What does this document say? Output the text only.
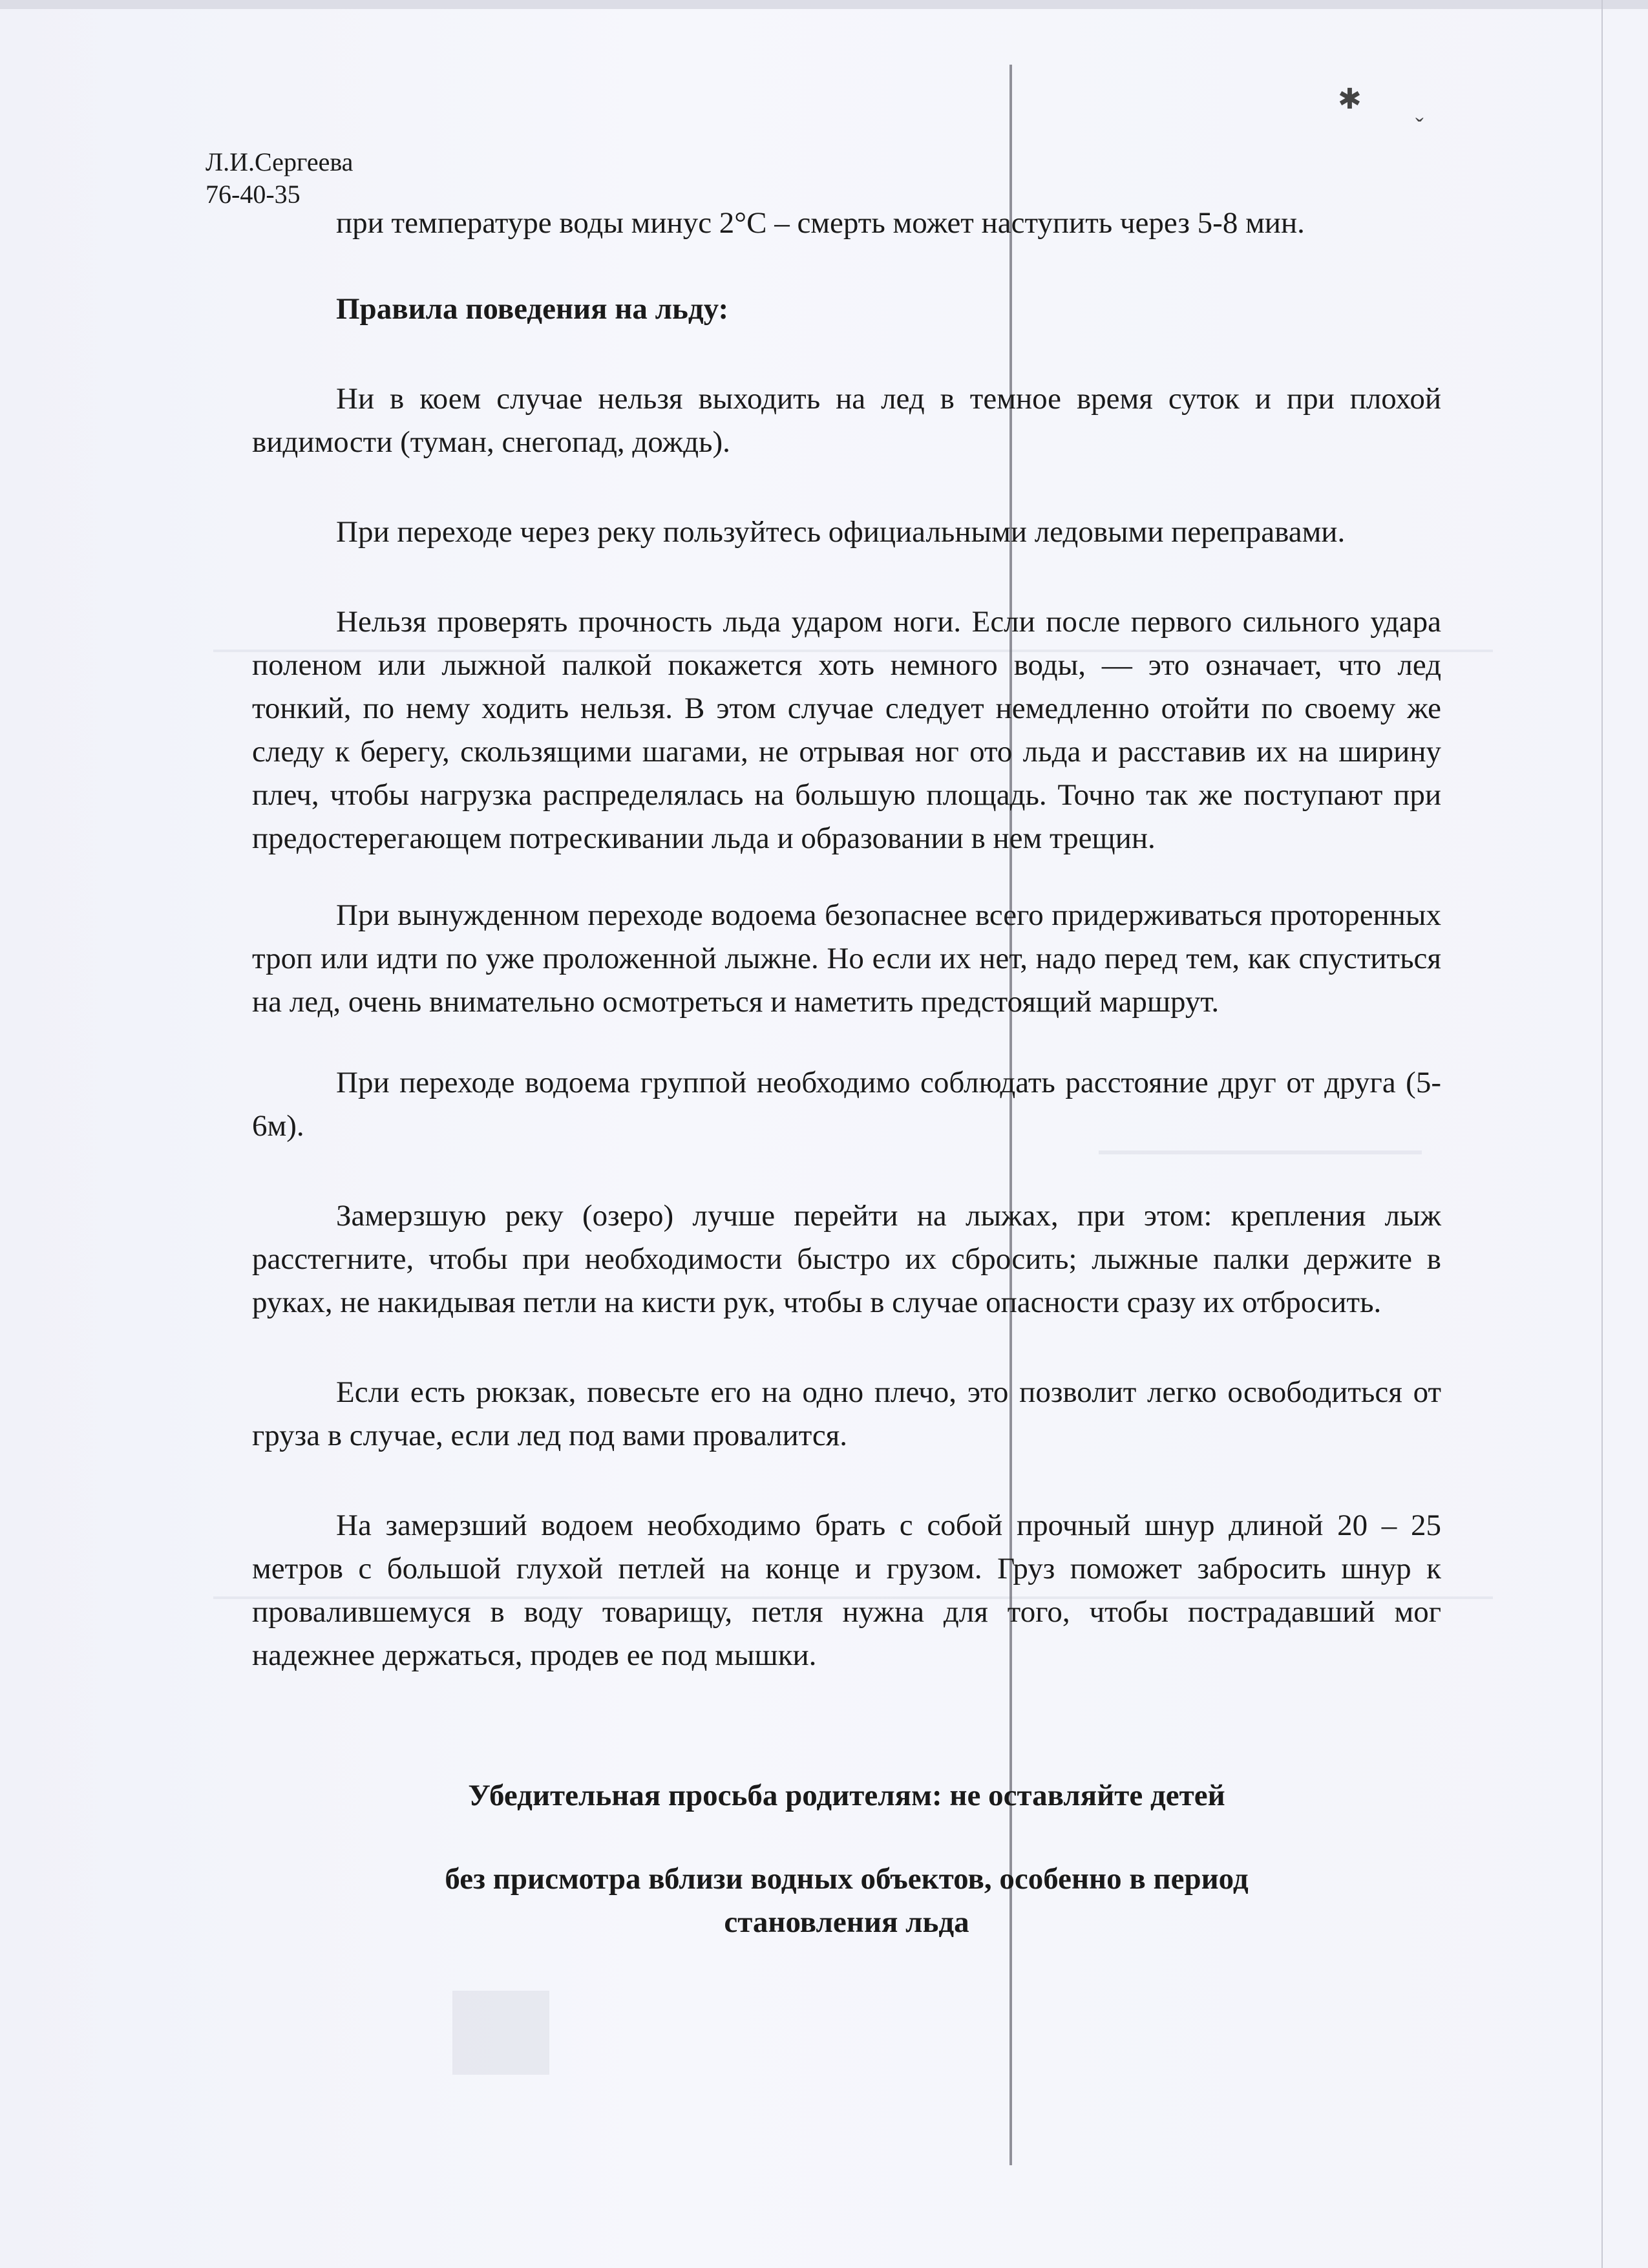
✱
ˇ
Л.И.Сергеева
76-40-35

при температуре воды минус 2°С – смерть может наступить через 5-8 мин.

Правила поведения на льду:

Ни в коем случае нельзя выходить на лед в темное время суток и при плохой видимости (туман, снегопад, дождь).

При переходе через реку пользуйтесь официальными ледовыми переправами.

Нельзя проверять прочность льда ударом ноги. Если после первого сильного удара поленом или лыжной палкой покажется хоть немного воды, — это означает, что лед тонкий, по нему ходить нельзя. В этом случае следует немедленно отойти по своему же следу к берегу, скользящими шагами, не отрывая ног ото льда и расставив их на ширину плеч, чтобы нагрузка распределялась на большую площадь. Точно так же поступают при предостерегающем потрескивании льда и образовании в нем трещин.

При вынужденном переходе водоема безопаснее всего придерживаться проторенных троп или идти по уже проложенной лыжне. Но если их нет, надо перед тем, как спуститься на лед, очень внимательно осмотреться и наметить предстоящий маршрут.

При переходе водоема группой необходимо соблюдать расстояние друг от друга (5-6м).

Замерзшую реку (озеро) лучше перейти на лыжах, при этом: крепления лыж расстегните, чтобы при необходимости быстро их сбросить; лыжные палки держите в руках, не накидывая петли на кисти рук, чтобы в случае опасности сразу их отбросить.

Если есть рюкзак, повесьте его на одно плечо, это позволит легко освободиться от груза в случае, если лед под вами провалится.

На замерзший водоем необходимо брать с собой прочный шнур длиной 20 – 25 метров с большой глухой петлей на конце и грузом. Груз поможет забросить шнур к провалившемуся в воду товарищу, петля нужна для того, чтобы пострадавший мог надежнее держаться, продев ее под мышки.

Убедительная просьба родителям: не оставляйте детей
без присмотра вблизи водных объектов, особенно в период
становления льда
